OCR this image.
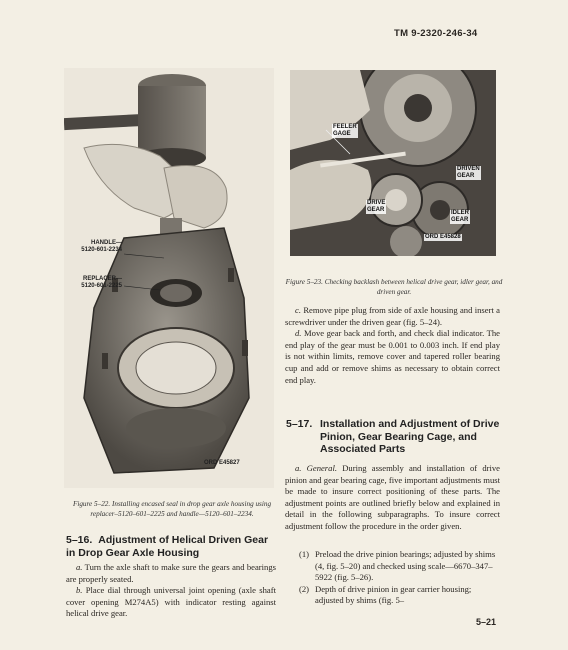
TM 9-2320-246-34
HANDLE—
5120-601-2234
REPLACER—
5120-601-2225
ORD E45827
FEELER
GAGE
DRIVEN
GEAR
DRIVE
GEAR	IDLER
GEAR
ORD E45828
Figure 5–22. Installing encased seal in drop gear axle housing using replacer–5120–601–2225 and handle—5120–601–2234.
Figure 5–23. Checking backlash between helical drive gear, idler gear, and driven gear.
5–16. Adjustment of Helical Driven Gear in Drop Gear Axle Housing

a. Turn the axle shaft to make sure the gears and bearings are properly seated.

b. Place dial through universal joint opening (axle shaft cover opening M274A5) with indicator resting against helical drive gear.

c. Remove pipe plug from side of axle housing and insert a screwdriver under the driven gear (fig. 5–24).

d. Move gear back and forth, and check dial indicator. The end play of the gear must be 0.001 to 0.003 inch. If end play is not within limits, remove cover and tapered roller bearing cup and add or remove shims as necessary to obtain correct end play.

5–17. Installation and Adjustment of Drive Pinion, Gear Bearing Cage, and Associated Parts

a. General. During assembly and installation of drive pinion and gear bearing cage, five important adjustments must be made to insure correct positioning of these parts. The adjustment points are outlined briefly below and explained in detail in the following subparagraphs. To insure correct adjustment follow the procedure in the order given.

(1) Preload the drive pinion bearings; adjusted by shims (4, fig. 5–20) and checked using scale—6670–347–5922 (fig. 5–26).
(2) Depth of drive pinion in gear carrier housing; adjusted by shims (fig. 5–
5–21
